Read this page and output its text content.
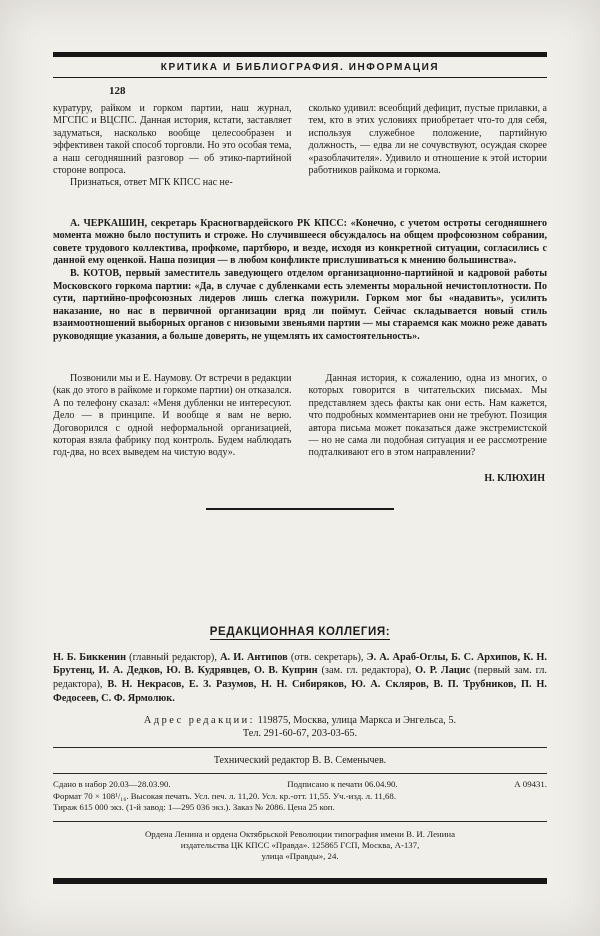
КРИТИКА И БИБЛИОГРАФИЯ. ИНФОРМАЦИЯ
128

куратуру, райком и горком партии, наш журнал, МГСПС и ВЦСПС. Данная история, кстати, заставляет задуматься, насколько вообще целесообразен и эффективен такой способ торговли. Но это особая тема, а наш сегодняшний разговор — об этико-партийной стороне вопроса.

Признаться, ответ МГК КПСС нас не-

сколько удивил: всеобщий дефицит, пустые прилавки, а тем, кто в этих условиях приобретает что-то для себя, используя служебное положение, партийную должность, — едва ли не сочувствуют, осуждая скорее «разоблачителя». Удивило и отношение к этой истории работников райкома и горкома.

А. ЧЕРКАШИН, секретарь Красногвардейского РК КПСС: «Конечно, с учетом остроты сегодняшнего момента можно было поступить и строже. Но случившееся обсуждалось на общем профсоюзном собрании, совете трудового коллектива, профкоме, партбюро, и везде, исходя из конкретной ситуации, согласились с данной ему оценкой. Наша позиция — в любом конфликте прислушиваться к мнению большинства».

В. КОТОВ, первый заместитель заведующего отделом организационно-партийной и кадровой работы Московского горкома партии: «Да, в случае с дубленками есть элементы моральной нечистоплотности. По сути, партийно-профсоюзных лидеров лишь слегка пожурили. Горком мог бы «надавить», усилить наказание, но нас в первичной организации вряд ли поймут. Сейчас складывается новый стиль взаимоотношений выборных органов с низовыми звеньями партии — мы стараемся как можно реже давать руководящие указания, а больше доверять, не ущемлять их самостоятельность».

Позвонили мы и Е. Наумову. От встречи в редакции (как до этого в райкоме и горкоме партии) он отказался. А по телефону сказал: «Меня дубленки не интересуют. Дело — в принципе. И вообще я вам не верю. Договорился с одной неформальной организацией, которая взяла фабрику под контроль. Будем наблюдать год-два, но всех выведем на чистую воду».

Данная история, к сожалению, одна из многих, о которых говорится в читательских письмах. Мы представляем здесь факты как они есть. Нам кажется, что подробных комментариев они не требуют. Позиция автора письма может показаться даже экстремистской — но не сама ли подобная ситуация и ее рассмотрение подталкивают его в этом направлении?

Н. КЛЮХИН

РЕДАКЦИОННАЯ КОЛЛЕГИЯ:

Н. Б. Биккенин (главный редактор), А. И. Антипов (отв. секретарь), Э. А. Араб-Оглы, Б. С. Архипов, К. Н. Брутенц, И. А. Дедков, Ю. В. Кудрявцев, О. В. Куприн (зам. гл. редактора), О. Р. Лацис (первый зам. гл. редактора), В. Н. Некрасов, Е. З. Разумов, Н. Н. Сибиряков, Ю. А. Скляров, В. П. Трубников, П. Н. Федосеев, С. Ф. Ярмолюк.

Адрес редакции: 119875, Москва, улица Маркса и Энгельса, 5.
Тел. 291-60-67, 203-03-65.

Технический редактор В. В. Семенычев.

Сдано в набор 20.03—28.03.90.	Подписано к печати 06.04.90.	А 09431.
Формат 70 × 108¹/₁₆. Высокая печать. Усл. печ. л. 11,20. Усл. кр.-отт. 11,55. Уч.-изд. л. 11,68.
Тираж 615 000 экз. (1-й завод: 1—295 036 экз.). Заказ № 2086. Цена 25 коп.
Ордена Ленина и ордена Октябрьской Революции типография имени В. И. Ленина
издательства ЦК КПСС «Правда». 125865 ГСП, Москва, А-137,
улица «Правды», 24.
